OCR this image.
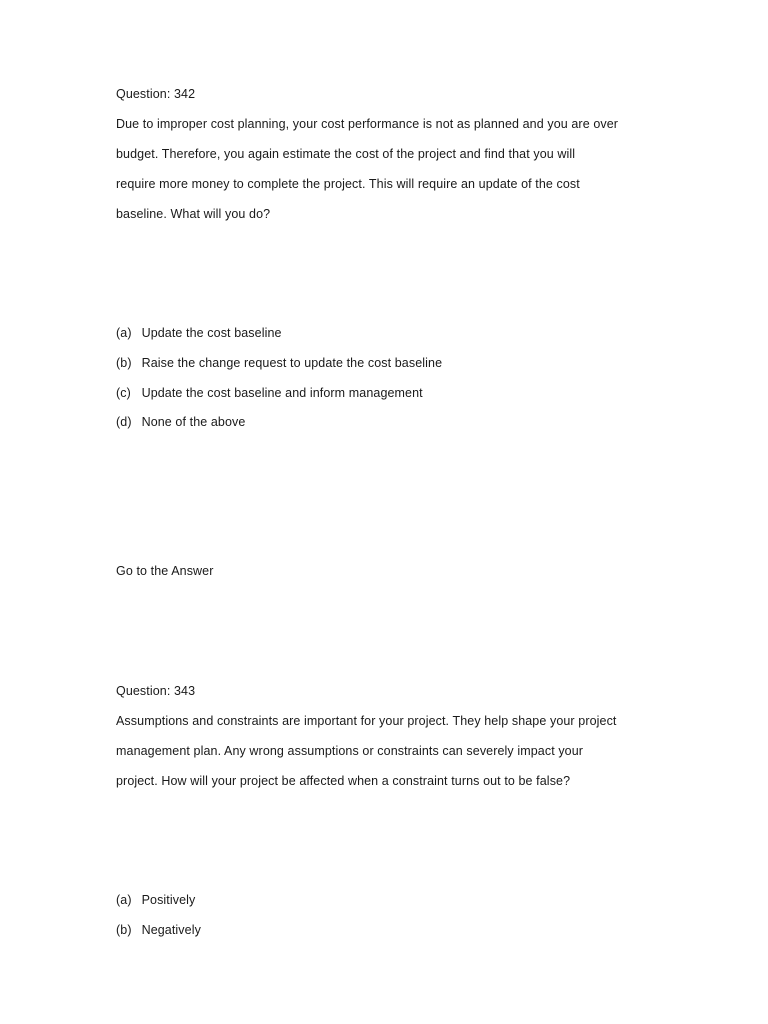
Question: 342
Due to improper cost planning, your cost performance is not as planned and you are over
budget. Therefore, you again estimate the cost of the project and find that you will
require more money to complete the project. This will require an update of the cost
baseline. What will you do?
(a) Update the cost baseline
(b) Raise the change request to update the cost baseline
(c) Update the cost baseline and inform management
(d) None of the above
Go to the Answer
Question: 343
Assumptions and constraints are important for your project. They help shape your project
management plan. Any wrong assumptions or constraints can severely impact your
project. How will your project be affected when a constraint turns out to be false?
(a) Positively
(b) Negatively
